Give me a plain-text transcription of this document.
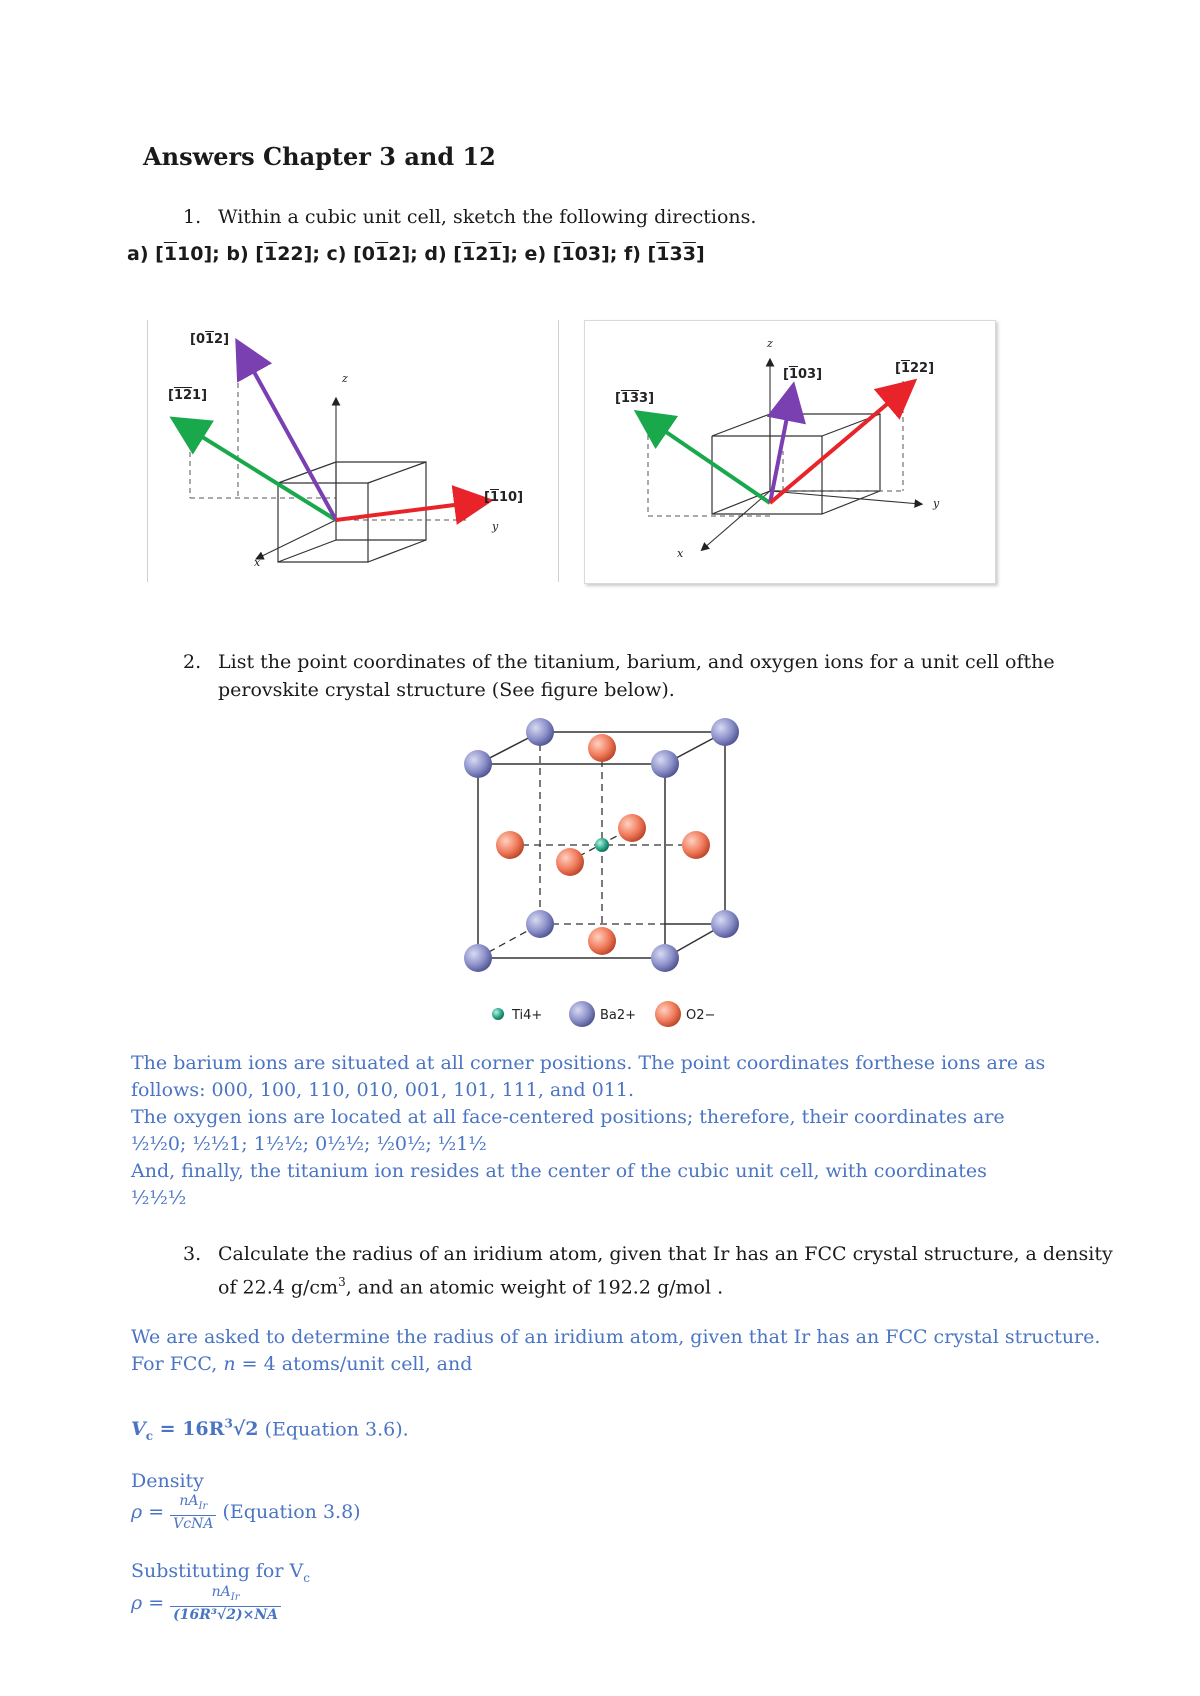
Answers Chapter 3 and 12
1. Within a cubic unit cell, sketch the following directions.
a) [110]; b) [122]; c) [012]; d) [121]; e) [103]; f) [133]
[012]
[121]
[110]
z
y
x
[133]
[103]	[122]
z
y
x
2. List the point coordinates of the titanium, barium, and oxygen ions for a unit cell ofthe
perovskite crystal structure (See figure below).
Ti4+	Ba2+	O2−
The barium ions are situated at all corner positions. The point coordinates forthese ions are as
follows: 000, 100, 110, 010, 001, 101, 111, and 011.
The oxygen ions are located at all face-centered positions; therefore, their coordinates are
½½0; ½½1; 1½½; 0½½; ½0½; ½1½
And, finally, the titanium ion resides at the center of the cubic unit cell, with coordinates
½½½
3. Calculate the radius of an iridium atom, given that Ir has an FCC crystal structure, a density
of 22.4 $g/cm^3$, and an atomic weight of 192.2 g/mol .
We are asked to determine the radius of an iridium atom, given that Ir has an FCC crystal structure.
For FCC, n = 4 atoms/unit cell, and
$V_c = 16R^3√2$ (Equation 3.6).
Density
$\rho = \frac{nA_{Ir}}{\text{VcNA}}$ (Equation 3.8)
Substituting for $V_c$
$\rho = \frac{nA_{Ir}}{\text{(16R³√2)×NA}}$
